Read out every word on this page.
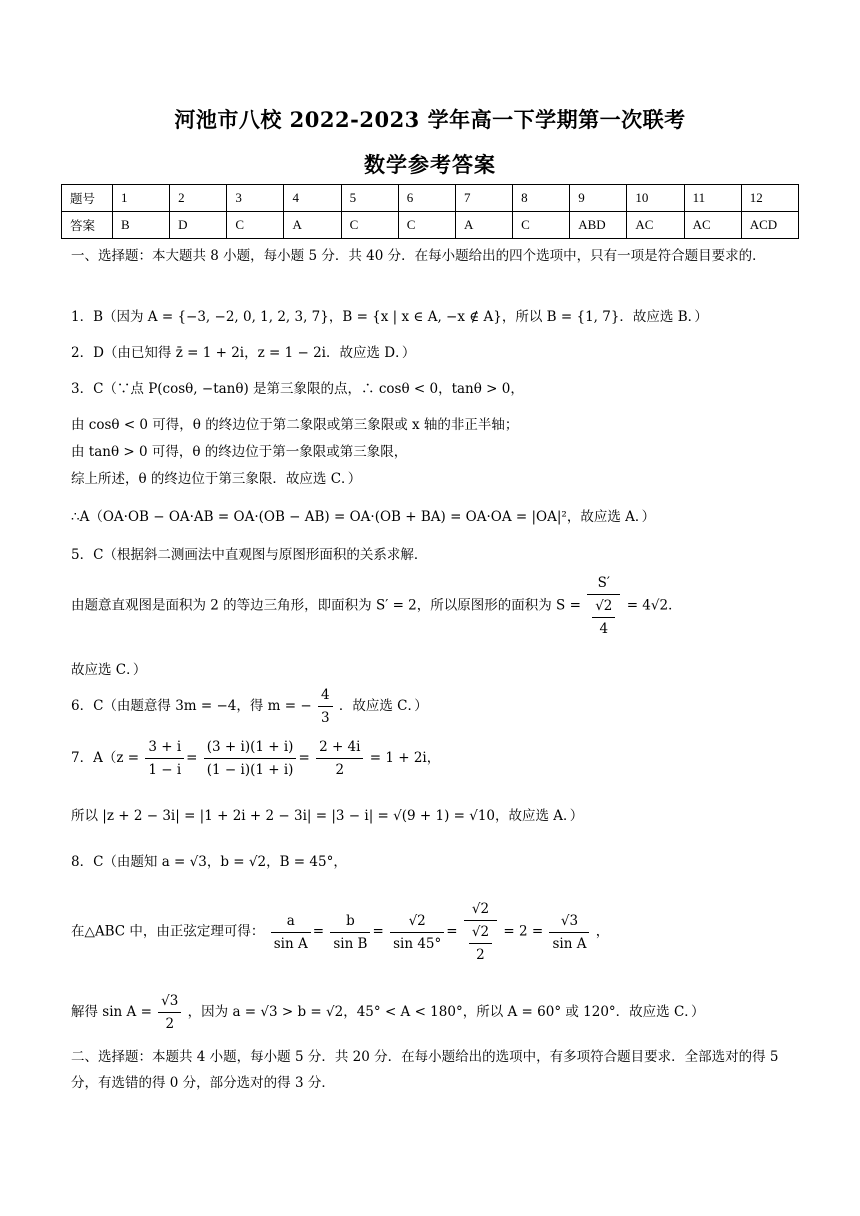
河池市八校 2022-2023 学年高一下学期第一次联考
数学参考答案
题号	1	2	3	4	5	6	7	8	9	10	11	12
答案	B	D	C	A	C	C	A	C	ABD	AC	AC	ACD
一、选择题：本大题共 8 小题，每小题 5 分．共 40 分．在每小题给出的四个选项中，只有一项是符合题目要求的．
1．B（因为 A = {−3, −2, 0, 1, 2, 3, 7}，B = {x | x ∈ A, −x ∉ A}，所以 B = {1, 7}．故应选 B．）
2．D（由已知得 z̄ = 1 + 2i，z = 1 − 2i．故应选 D．）
3．C（∵点 P(cosθ, −tanθ) 是第三象限的点，∴ cosθ < 0，tanθ > 0，
由 cosθ < 0 可得，θ 的终边位于第二象限或第三象限或 x 轴的非正半轴；
由 tanθ > 0 可得，θ 的终边位于第一象限或第三象限，
综上所述，θ 的终边位于第三象限．故应选 C．）
∴A（OA·OB − OA·AB = OA·(OB − AB) = OA·(OB + BA) = OA·OA = |OA|²，故应选 A．）
5．C（根据斜二测画法中直观图与原图形面积的关系求解．
由题意直观图是面积为 2 的等边三角形，即面积为 S′ = 2，所以原图形的面积为 $S = \frac{S'}{\frac{√2}{4}} = 4√2$．
故应选 C．）
6．C（由题意得 3m = −4，得 m = − $\frac{4}{3}$ ．故应选 C．）
7．$A(z = \frac{3 + i}{1 - i} = \frac{(3 + i)(1 + i)}{(1 - i)(1 + i)} = \frac{2 + 4i}{2} = 1 + 2i$，
所以 |z + 2 − 3i| = |1 + 2i + 2 − 3i| = |3 − i| = √(9 + 1) = √10，故应选 A．）
8．C（由题知 a = √3，b = √2，B = 45°，
在△ABC 中，由正弦定理可得： $\frac{a}{\text{sin A}} = \frac{b}{\text{sin B}} = \frac{√2}{\sin 45^\circ} = \frac{√2}{\frac{√2}{2}} = 2 = \frac{√3}{\text{sin A}}$ ，
解得 $\sin A = \frac{√3}{2}$ ，因为 a = √3 > b = √2，45° < A < 180°，所以 A = 60° 或 120°．故应选 C．）
二、选择题：本题共 4 小题，每小题 5 分．共 20 分．在每小题给出的选项中，有多项符合题目要求．全部选对的得 5 分，有选错的得 0 分，部分选对的得 3 分．
